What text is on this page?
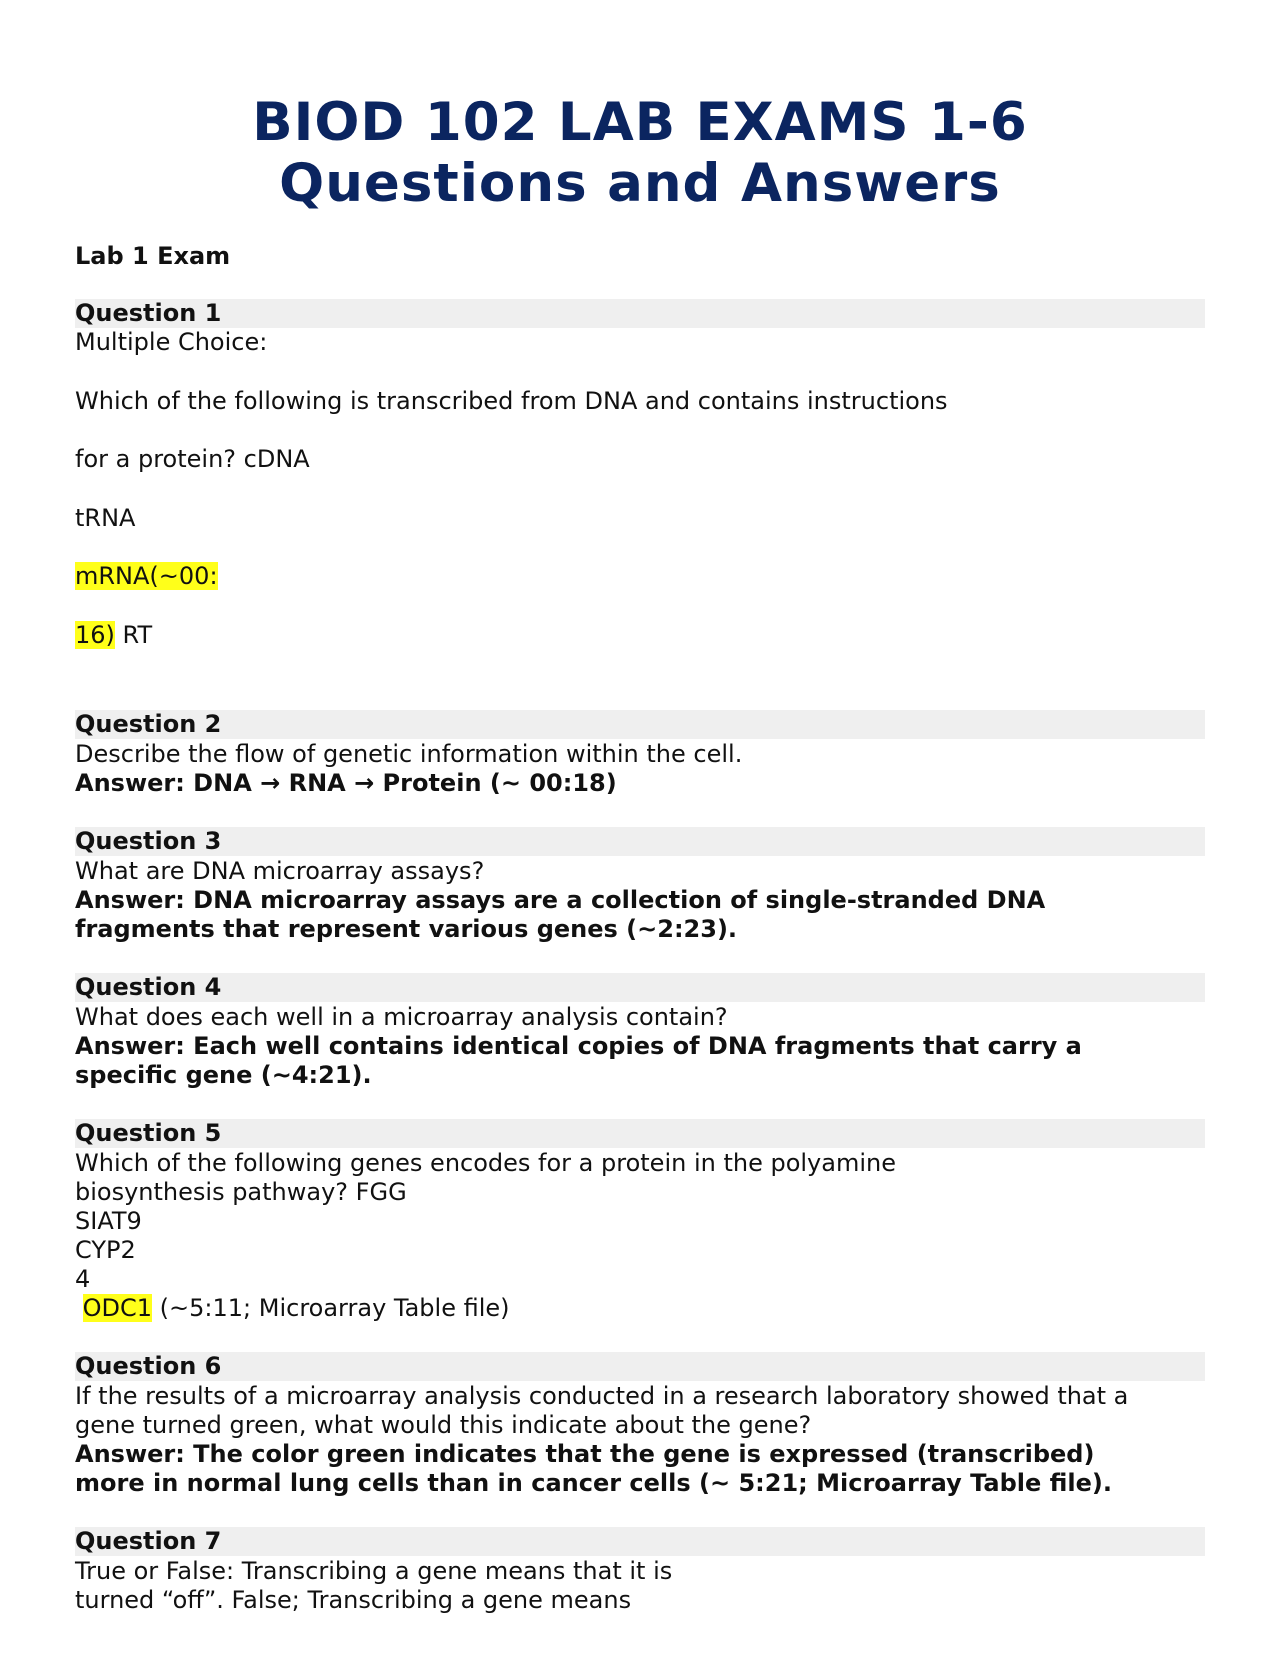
BIOD 102 LAB EXAMS 1-6
Questions and Answers
Lab 1 Exam
Question 1
Multiple Choice:
Which of the following is transcribed from DNA and contains instructions
for a protein? cDNA
tRNA
mRNA(~00:
16) RT
Question 2
Describe the flow of genetic information within the cell.
Answer: DNA → RNA → Protein (~ 00:18)
Question 3
What are DNA microarray assays?
Answer: DNA microarray assays are a collection of single-stranded DNA
fragments that represent various genes (~2:23).
Question 4
What does each well in a microarray analysis contain?
Answer: Each well contains identical copies of DNA fragments that carry a
specific gene (~4:21).
Question 5
Which of the following genes encodes for a protein in the polyamine
biosynthesis pathway? FGG
SIAT9
CYP2
4
ODC1 (~5:11; Microarray Table file)
Question 6
If the results of a microarray analysis conducted in a research laboratory showed that a
gene turned green, what would this indicate about the gene?
Answer: The color green indicates that the gene is expressed (transcribed)
more in normal lung cells than in cancer cells (~ 5:21; Microarray Table file).
Question 7
True or False: Transcribing a gene means that it is
turned “off”. False; Transcribing a gene means
